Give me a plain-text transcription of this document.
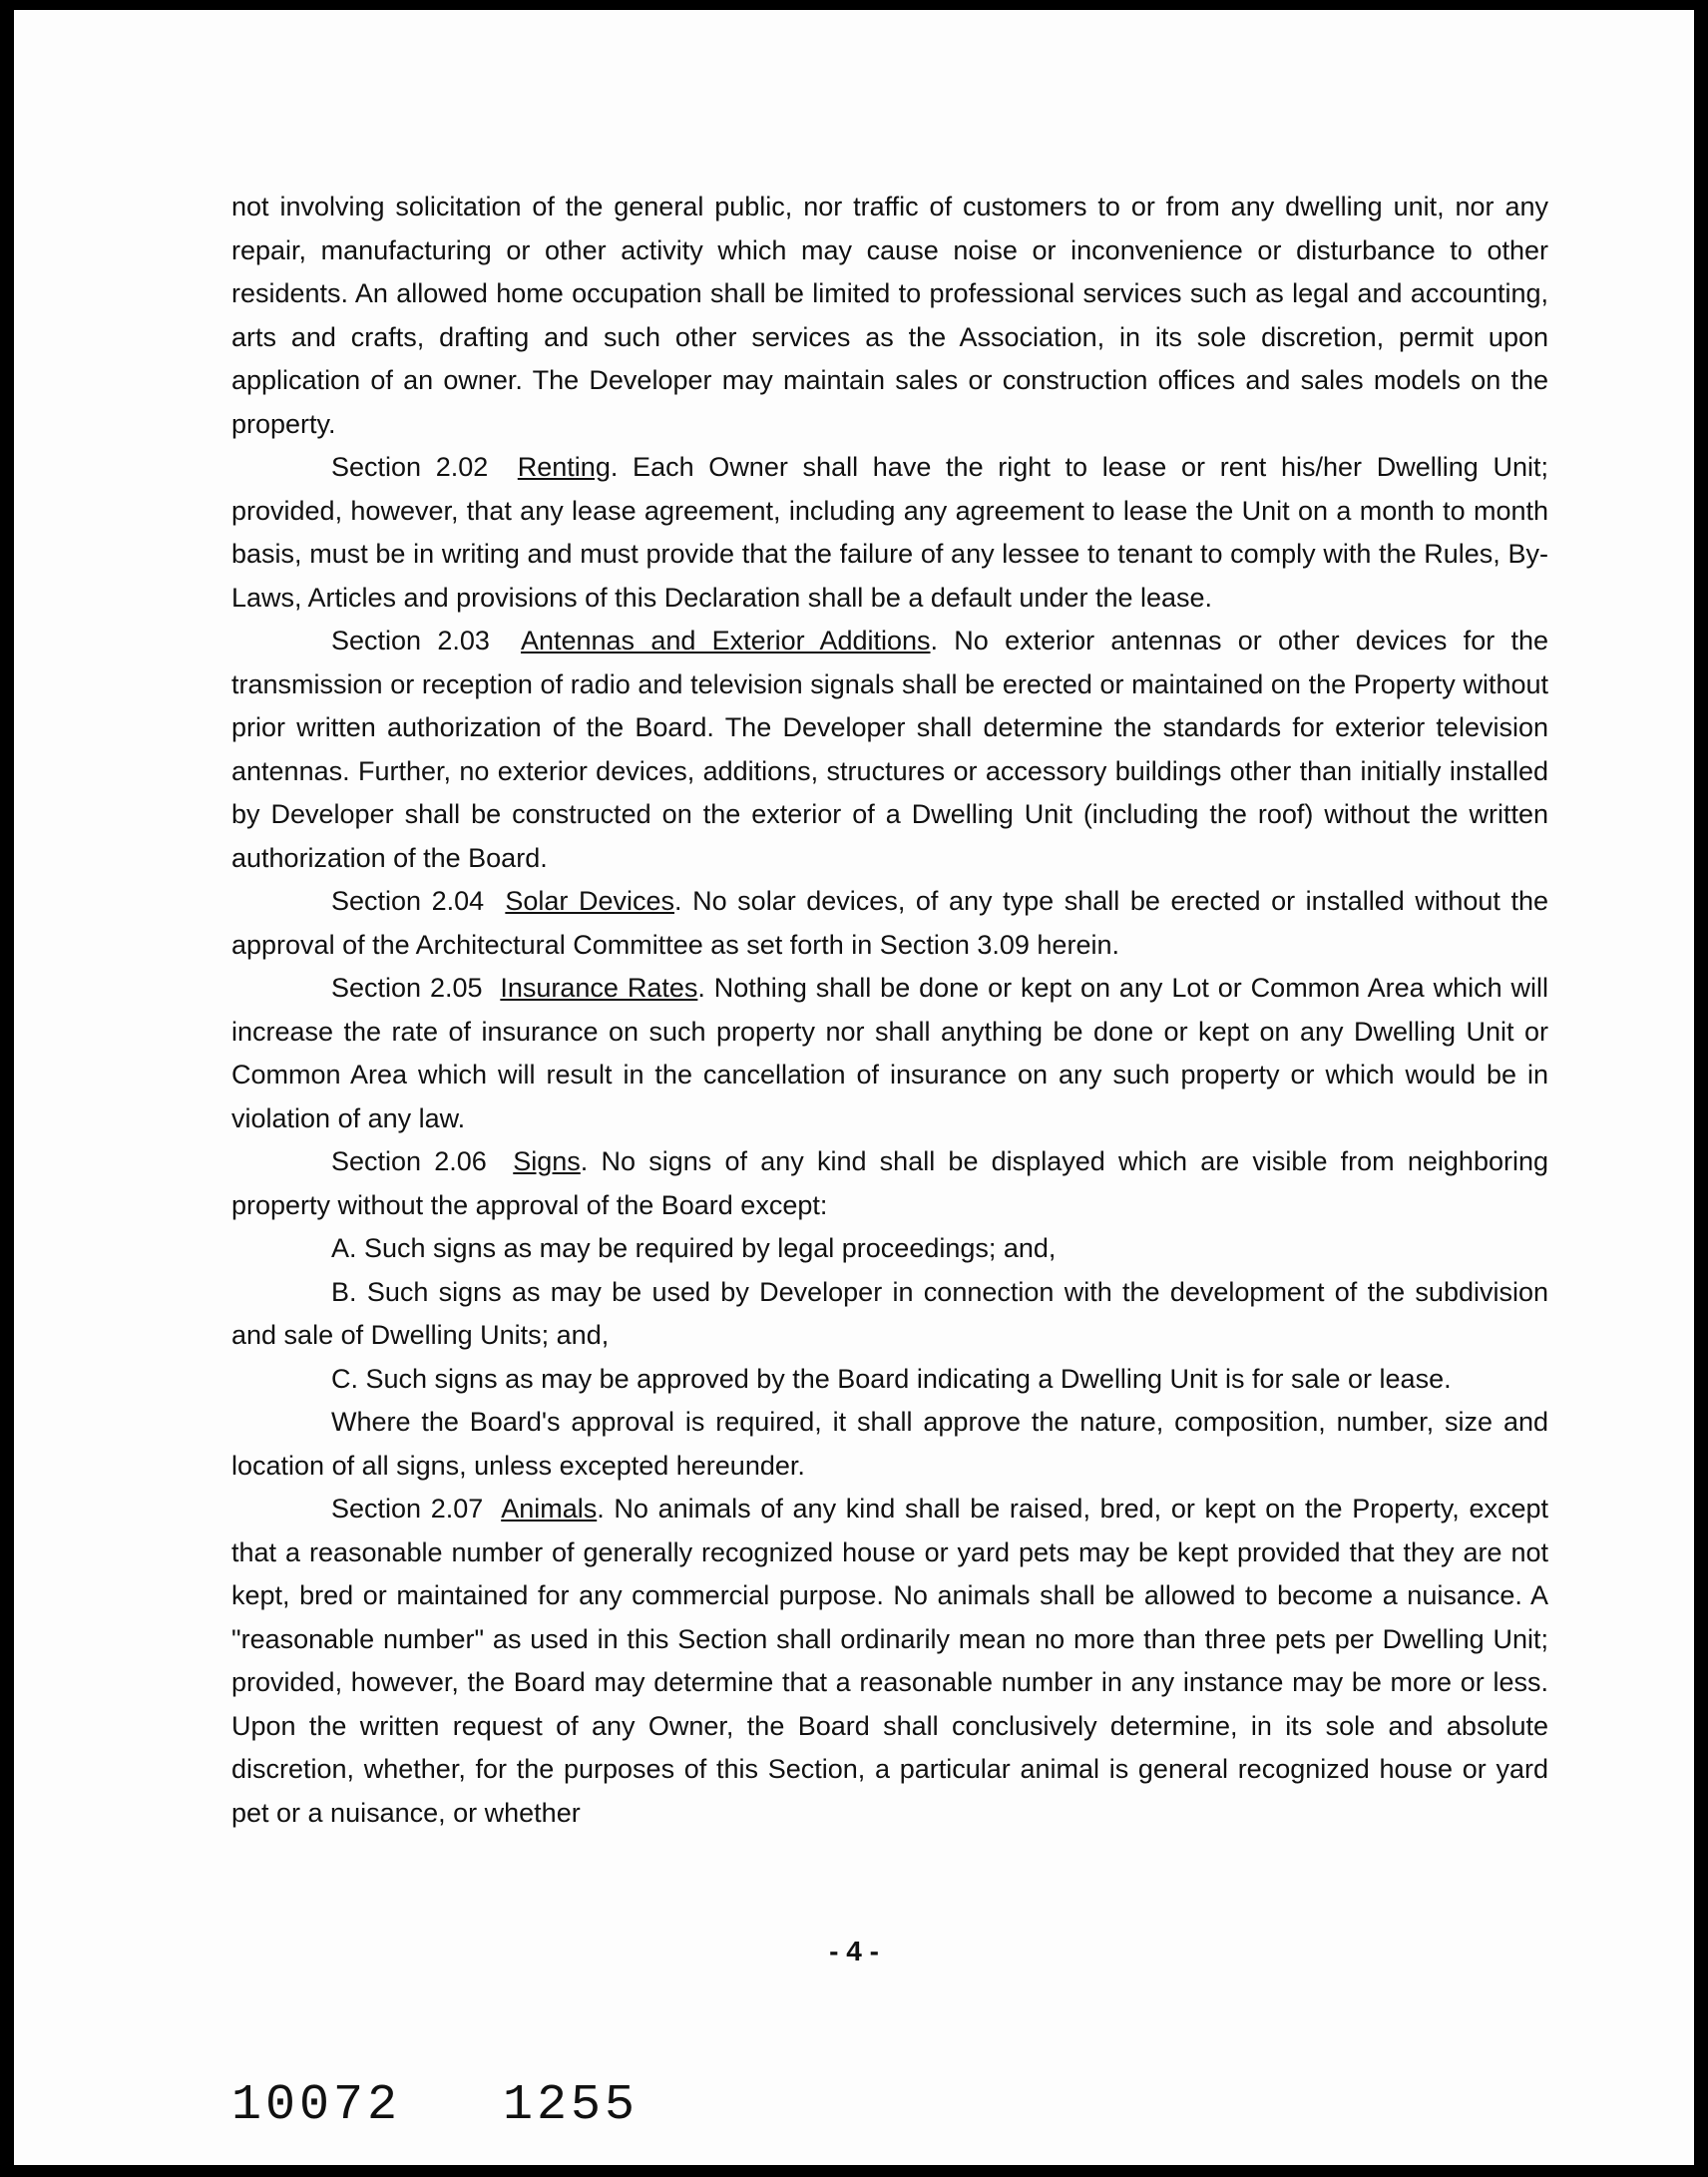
not involving solicitation of the general public, nor traffic of customers to or from any dwelling unit, nor any repair, manufacturing or other activity which may cause noise or inconvenience or disturbance to other residents. An allowed home occupation shall be limited to professional services such as legal and accounting, arts and crafts, drafting and such other services as the Association, in its sole discretion, permit upon application of an owner. The Developer may maintain sales or construction offices and sales models on the property.

Section 2.02 Renting. Each Owner shall have the right to lease or rent his/her Dwelling Unit; provided, however, that any lease agreement, including any agreement to lease the Unit on a month to month basis, must be in writing and must provide that the failure of any lessee to tenant to comply with the Rules, By-Laws, Articles and provisions of this Declaration shall be a default under the lease.

Section 2.03 Antennas and Exterior Additions. No exterior antennas or other devices for the transmission or reception of radio and television signals shall be erected or maintained on the Property without prior written authorization of the Board. The Developer shall determine the standards for exterior television antennas. Further, no exterior devices, additions, structures or accessory buildings other than initially installed by Developer shall be constructed on the exterior of a Dwelling Unit (including the roof) without the written authorization of the Board.

Section 2.04 Solar Devices. No solar devices, of any type shall be erected or installed without the approval of the Architectural Committee as set forth in Section 3.09 herein.

Section 2.05 Insurance Rates. Nothing shall be done or kept on any Lot or Common Area which will increase the rate of insurance on such property nor shall anything be done or kept on any Dwelling Unit or Common Area which will result in the cancellation of insurance on any such property or which would be in violation of any law.

Section 2.06 Signs. No signs of any kind shall be displayed which are visible from neighboring property without the approval of the Board except:

A. Such signs as may be required by legal proceedings; and,

B. Such signs as may be used by Developer in connection with the development of the subdivision and sale of Dwelling Units; and,

C. Such signs as may be approved by the Board indicating a Dwelling Unit is for sale or lease.

Where the Board's approval is required, it shall approve the nature, composition, number, size and location of all signs, unless excepted hereunder.

Section 2.07 Animals. No animals of any kind shall be raised, bred, or kept on the Property, except that a reasonable number of generally recognized house or yard pets may be kept provided that they are not kept, bred or maintained for any commercial purpose. No animals shall be allowed to become a nuisance. A "reasonable number" as used in this Section shall ordinarily mean no more than three pets per Dwelling Unit; provided, however, the Board may determine that a reasonable number in any instance may be more or less. Upon the written request of any Owner, the Board shall conclusively determine, in its sole and absolute discretion, whether, for the purposes of this Section, a particular animal is general recognized house or yard pet or a nuisance, or whether

- 4 -
10072 1255
